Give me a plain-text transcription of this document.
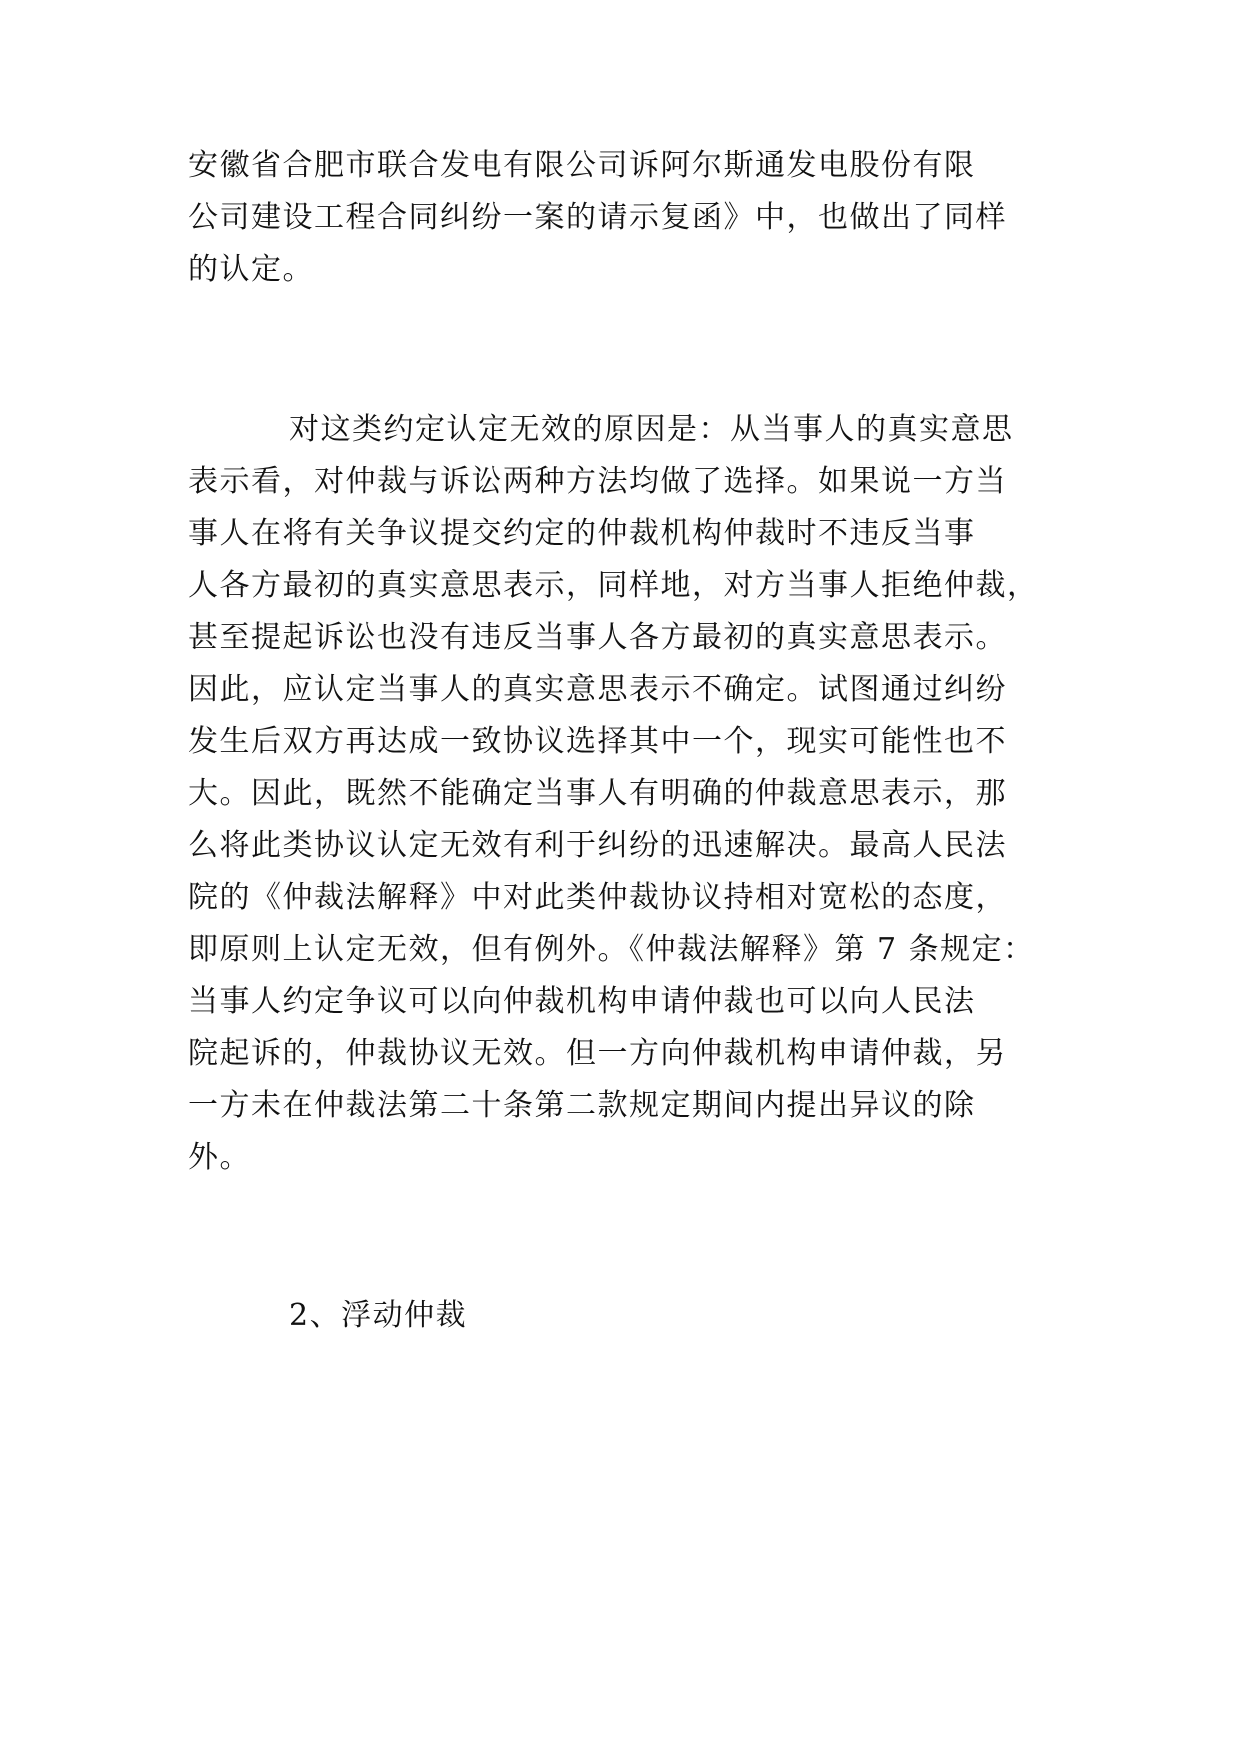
安徽省合肥市联合发电有限公司诉阿尔斯通发电股份有限
公司建设工程合同纠纷一案的请示复函》中，也做出了同样
的认定。
对这类约定认定无效的原因是：从当事人的真实意思
表示看，对仲裁与诉讼两种方法均做了选择。如果说一方当
事人在将有关争议提交约定的仲裁机构仲裁时不违反当事
人各方最初的真实意思表示，同样地，对方当事人拒绝仲裁，
甚至提起诉讼也没有违反当事人各方最初的真实意思表示。
因此，应认定当事人的真实意思表示不确定。试图通过纠纷
发生后双方再达成一致协议选择其中一个，现实可能性也不
大。因此，既然不能确定当事人有明确的仲裁意思表示，那
么将此类协议认定无效有利于纠纷的迅速解决。最高人民法
院的《仲裁法解释》中对此类仲裁协议持相对宽松的态度，
即原则上认定无效，但有例外。《仲裁法解释》第 7 条规定：
当事人约定争议可以向仲裁机构申请仲裁也可以向人民法
院起诉的，仲裁协议无效。但一方向仲裁机构申请仲裁，另
一方未在仲裁法第二十条第二款规定期间内提出异议的除
外。
2、浮动仲裁
